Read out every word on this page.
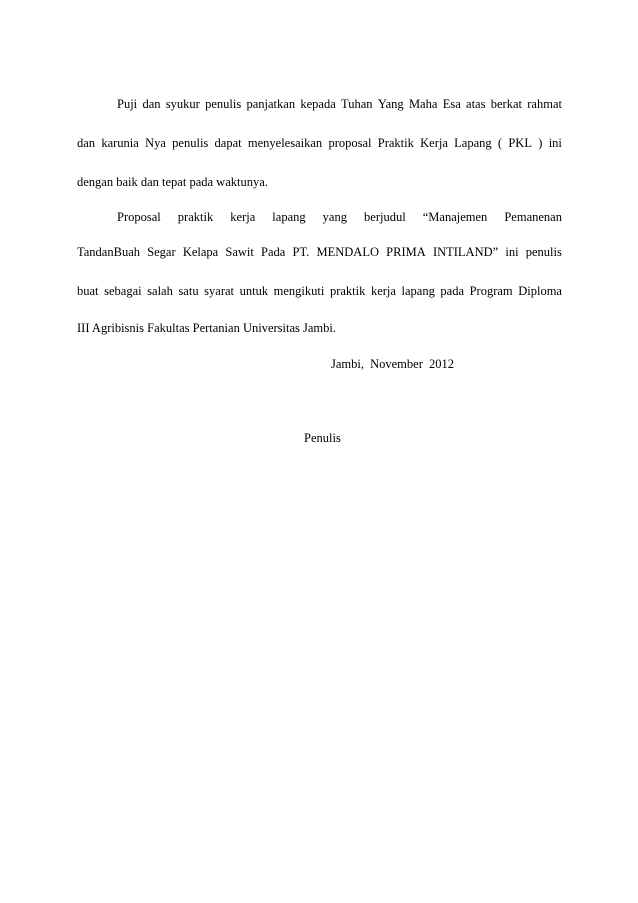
Puji dan syukur penulis panjatkan kepada Tuhan Yang Maha Esa atas berkat rahmat
dan karunia Nya penulis dapat menyelesaikan proposal Praktik Kerja Lapang ( PKL ) ini
dengan baik dan tepat pada waktunya.
Proposal praktik kerja lapang yang berjudul “Manajemen Pemanenan
TandanBuah Segar Kelapa Sawit Pada PT. MENDALO PRIMA INTILAND” ini penulis
buat sebagai salah satu syarat untuk mengikuti praktik kerja lapang pada Program Diploma
III Agribisnis Fakultas Pertanian Universitas Jambi.
Jambi, November 2012
Penulis
